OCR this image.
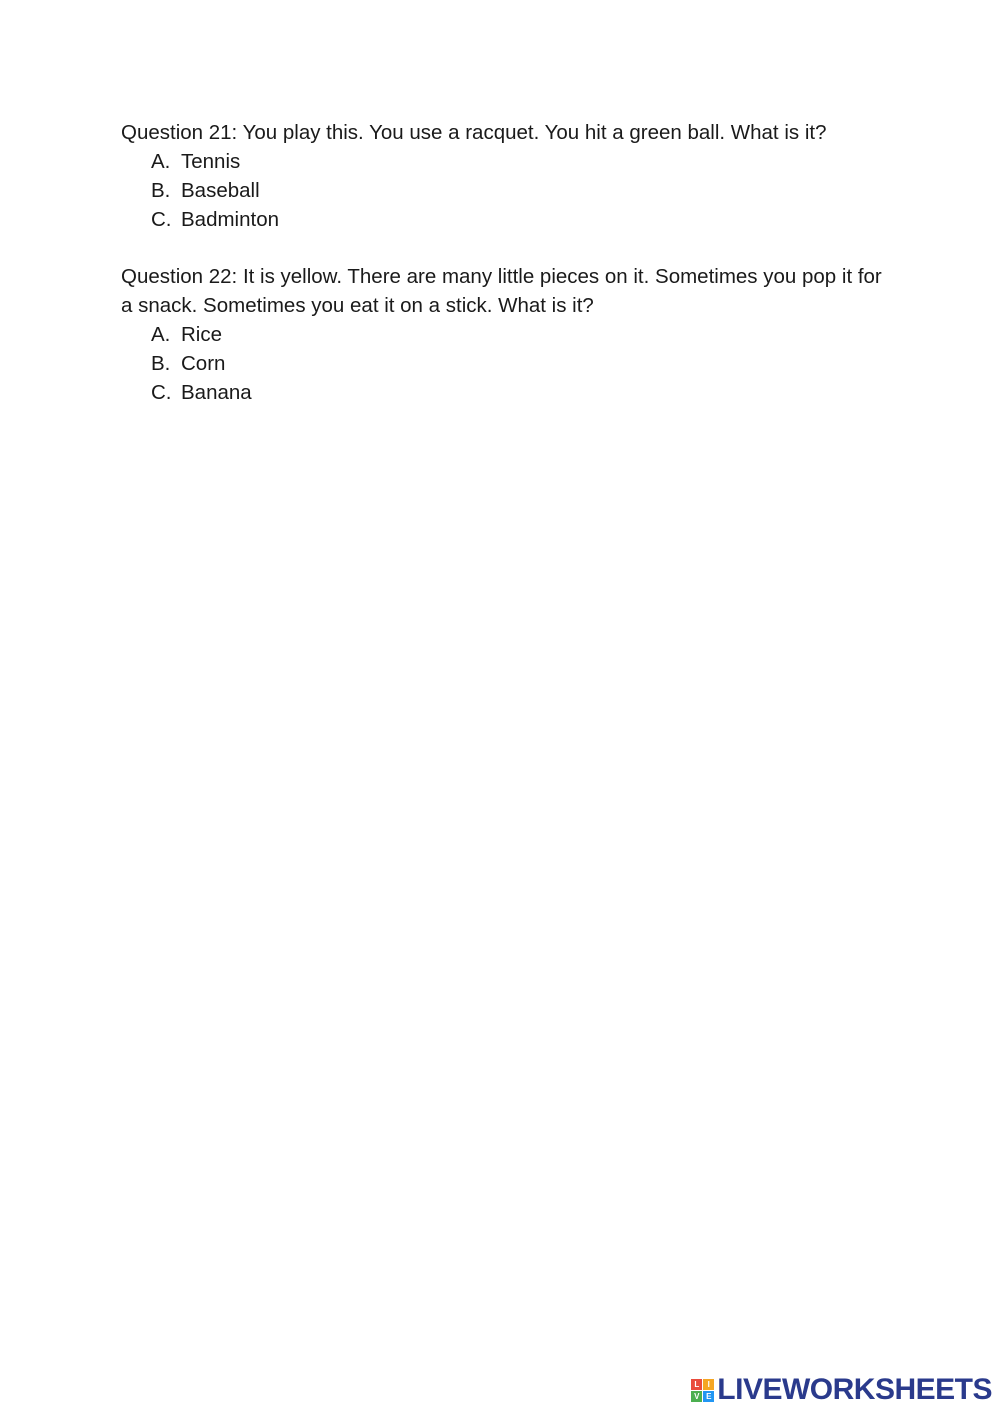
Question 21: You play this. You use a racquet. You hit a green ball. What is it?

A. Tennis
B. Baseball
C. Badminton

Question 22: It is yellow. There are many little pieces on it. Sometimes you pop it for a snack. Sometimes you eat it on a stick. What is it?

A. Rice
B. Corn
C. Banana
L	I
V E LIVEWORKSHEETS
